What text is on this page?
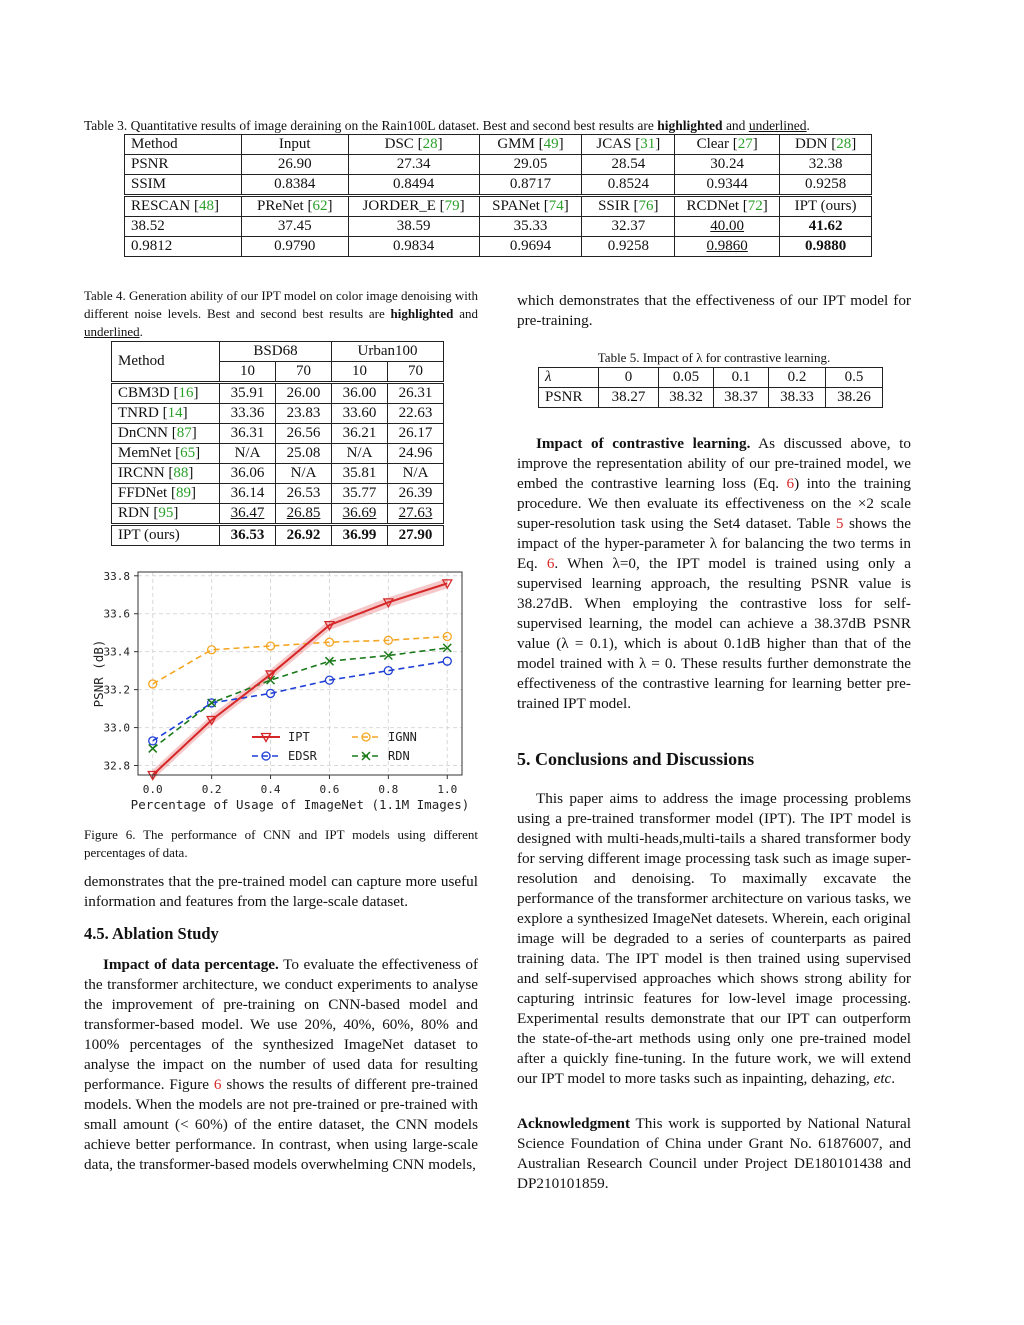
Table 3. Quantitative results of image deraining on the Rain100L dataset. Best and second best results are highlighted and underlined.
Method	Input	DSC [28]	GMM [49]	JCAS [31]	Clear [27]	DDN [28]
PSNR	26.90	27.34	29.05	28.54	30.24	32.38
SSIM	0.8384	0.8494	0.8717	0.8524	0.9344	0.9258
RESCAN [48]	PReNet [62]	JORDER_E [79]	SPANet [74]	SSIR [76]	RCDNet [72]	IPT (ours)
38.52	37.45	38.59	35.33	32.37	40.00	41.62
0.9812	0.9790	0.9834	0.9694	0.9258	0.9860	0.9880
Table 4. Generation ability of our IPT model on color image denoising with different noise levels. Best and second best results are highlighted and underlined.
Method	BSD68		Urban100	
	10	70	10	70
CBM3D [16]	35.91	26.00	36.00	26.31
TNRD [14]	33.36	23.83	33.60	22.63
DnCNN [87]	36.31	26.56	36.21	26.17
MemNet [65]	N/A	25.08	N/A	24.96
IRCNN [88]	36.06	N/A	35.81	N/A
FFDNet [89]	36.14	26.53	35.77	26.39
RDN [95]	36.47	26.85	36.69	27.63
IPT (ours)	36.53	26.92	36.99	27.90
0.0	0.2	0.4	0.6	0.8	1.0
32.8
33.0
33.2
33.4
33.6
33.8
Percentage of Usage of ImageNet (1.1M Images)
PSNR (dB)
IPT	IGNN
EDSR	RDN
Figure 6. The performance of CNN and IPT models using different percentages of data.
demonstrates that the pre-trained model can capture more useful information and features from the large-scale dataset.
4.5. Ablation Study
Impact of data percentage. To evaluate the effectiveness of the transformer architecture, we conduct experiments to analyse the improvement of pre-training on CNN-based model and transformer-based model. We use 20%, 40%, 60%, 80% and 100% percentages of the synthesized ImageNet dataset to analyse the impact on the number of used data for resulting performance. Figure 6 shows the results of different pre-trained models. When the models are not pre-trained or pre-trained with small amount (< 60%) of the entire dataset, the CNN models achieve better performance. In contrast, when using large-scale data, the transformer-based models overwhelming CNN models,
which demonstrates that the effectiveness of our IPT model for pre-training.
Table 5. Impact of λ for contrastive learning.
λ	0	0.05	0.1	0.2	0.5
PSNR	38.27	38.32	38.37	38.33	38.26
Impact of contrastive learning. As discussed above, to improve the representation ability of our pre-trained model, we embed the contrastive learning loss (Eq. 6) into the training procedure. We then evaluate its effectiveness on the ×2 scale super-resolution task using the Set4 dataset. Table 5 shows the impact of the hyper-parameter λ for balancing the two terms in Eq. 6. When λ=0, the IPT model is trained using only a supervised learning approach, the resulting PSNR value is 38.27dB. When employing the contrastive loss for self-supervised learning, the model can achieve a 38.37dB PSNR value (λ = 0.1), which is about 0.1dB higher than that of the model trained with λ = 0. These results further demonstrate the effectiveness of the contrastive learning for learning better pre-trained IPT model.
5. Conclusions and Discussions
This paper aims to address the image processing problems using a pre-trained transformer model (IPT). The IPT model is designed with multi-heads,multi-tails a shared transformer body for serving different image processing task such as image super-resolution and denoising. To maximally excavate the performance of the transformer architecture on various tasks, we explore a synthesized ImageNet datesets. Wherein, each original image will be degraded to a series of counterparts as paired training data. The IPT model is then trained using supervised and self-supervised approaches which shows strong ability for capturing intrinsic features for low-level image processing. Experimental results demonstrate that our IPT can outperform the state-of-the-art methods using only one pre-trained model after a quickly fine-tuning. In the future work, we will extend our IPT model to more tasks such as inpainting, dehazing, etc.
Acknowledgment This work is supported by National Natural Science Foundation of China under Grant No. 61876007, and Australian Research Council under Project DE180101438 and DP210101859.
